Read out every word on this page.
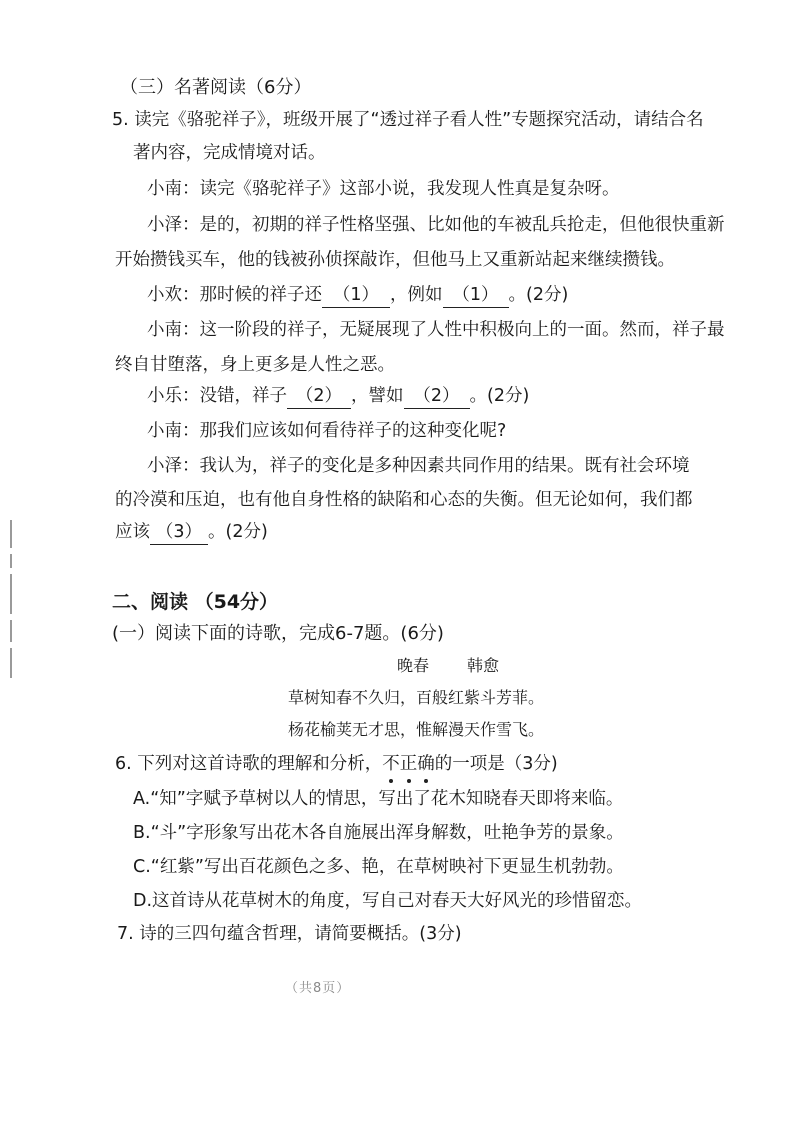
（三）名著阅读（6分）
5. 读完《骆驼祥子》，班级开展了“透过祥子看人性”专题探究活动，请结合名
著内容，完成情境对话。
小南：读完《骆驼祥子》这部小说，我发现人性真是复杂呀。
小泽：是的，初期的祥子性格坚强、比如他的车被乱兵抢走，但他很快重新
开始攒钱买车，他的钱被孙侦探敲诈，但他马上又重新站起来继续攒钱。
小欢：那时候的祥子还 （1） ，例如 （1） 。(2分)
小南：这一阶段的祥子，无疑展现了人性中积极向上的一面。然而，祥子最
终自甘堕落，身上更多是人性之恶。
小乐：没错，祥子 （2） ，譬如 （2） 。(2分)
小南：那我们应该如何看待祥子的这种变化呢?
小泽：我认为，祥子的变化是多种因素共同作用的结果。既有社会环境
的冷漠和压迫，也有他自身性格的缺陷和心态的失衡。但无论如何，我们都
应该 （3） 。(2分)
二、阅读 （54分）
(一）阅读下面的诗歌，完成6-7题。(6分)
晚春 韩愈
草树知春不久归，百般红紫斗芳菲。
杨花榆荚无才思，惟解漫天作雪飞。
6. 下列对这首诗歌的理解和分析，不正确的一项是（3分)
A.“知”字赋予草树以人的情思，写出了花木知晓春天即将来临。
B.“斗”字形象写出花木各自施展出浑身解数，吐艳争芳的景象。
C.“红紫”写出百花颜色之多、艳，在草树映衬下更显生机勃勃。
D.这首诗从花草树木的角度，写自己对春天大好风光的珍惜留恋。
7. 诗的三四句蕴含哲理，请简要概括。(3分)
（共8页）
